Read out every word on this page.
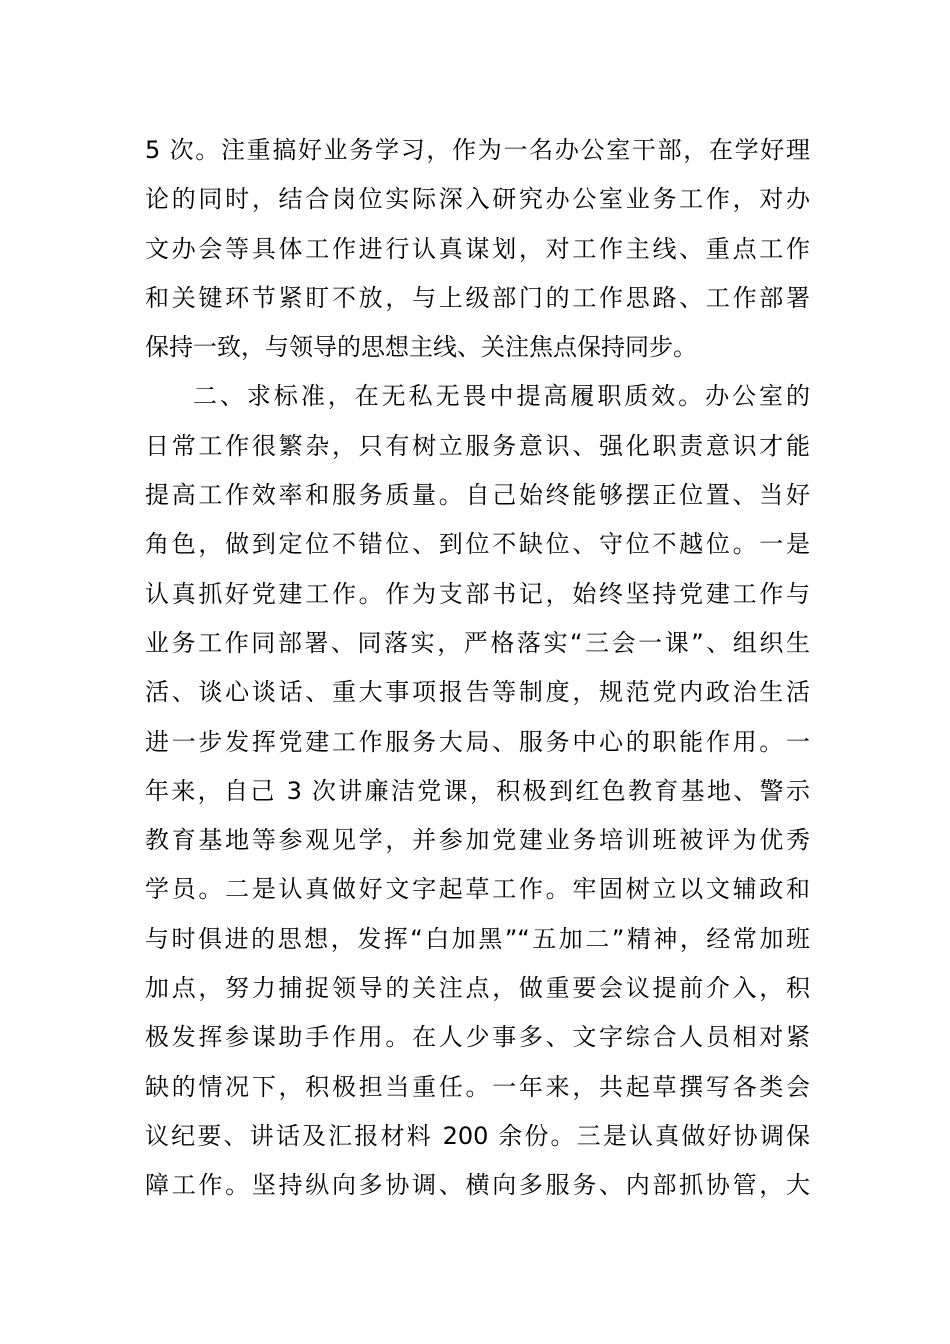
5 次。注重搞好业务学习，作为一名办公室干部，在学好理
论的同时，结合岗位实际深入研究办公室业务工作，对办
文办会等具体工作进行认真谋划，对工作主线、重点工作
和关键环节紧盯不放，与上级部门的工作思路、工作部署
保持一致，与领导的思想主线、关注焦点保持同步。
二、求标准，在无私无畏中提高履职质效。办公室的
日常工作很繁杂，只有树立服务意识、强化职责意识才能
提高工作效率和服务质量。自己始终能够摆正位置、当好
角色，做到定位不错位、到位不缺位、守位不越位。一是
认真抓好党建工作。作为支部书记，始终坚持党建工作与
业务工作同部署、同落实，严格落实“三会一课”、组织生
活、谈心谈话、重大事项报告等制度，规范党内政治生活
进一步发挥党建工作服务大局、服务中心的职能作用。一
年来，自己 3 次讲廉洁党课，积极到红色教育基地、警示
教育基地等参观见学，并参加党建业务培训班被评为优秀
学员。二是认真做好文字起草工作。牢固树立以文辅政和
与时俱进的思想，发挥“白加黑”“五加二”精神，经常加班
加点，努力捕捉领导的关注点，做重要会议提前介入，积
极发挥参谋助手作用。在人少事多、文字综合人员相对紧
缺的情况下，积极担当重任。一年来，共起草撰写各类会
议纪要、讲话及汇报材料 200 余份。三是认真做好协调保
障工作。坚持纵向多协调、横向多服务、内部抓协管，大
